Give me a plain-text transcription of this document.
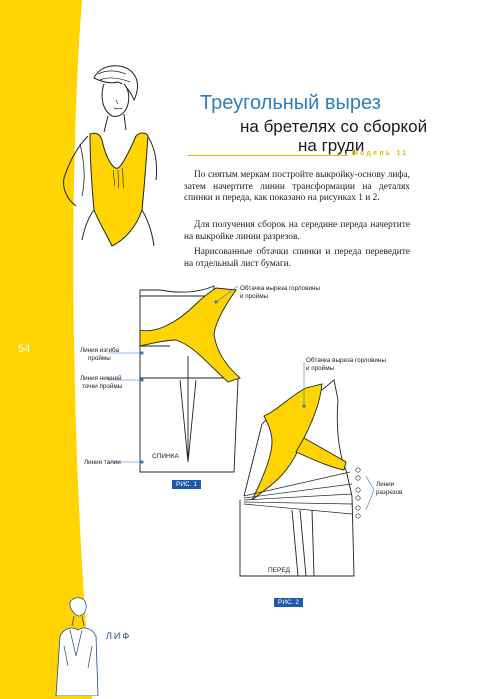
54
ЛИФ
Треугольный вырез
на бретелях со сборкой
на груди
Модель 11

По снятым меркам постройте выкройку-основу лифа, затем начертите линии трансформации на деталях спинки и переда, как показано на рисунках 1 и 2.

Для получения сборок на середине переда начертите на выкройке линии разрезов.

Нарисованные обтачки спинки и переда переведите на отдельный лист бумаги.

СПИНКА
Обтачка выреза горловины
и проймы
Линия изгиба
проймы
Линия нижней
точки проймы
Линия талии
РИС. 1
ПЕРЕД
Обтачка выреза горловины
и проймы
Линии
разрезов
РИС. 2
